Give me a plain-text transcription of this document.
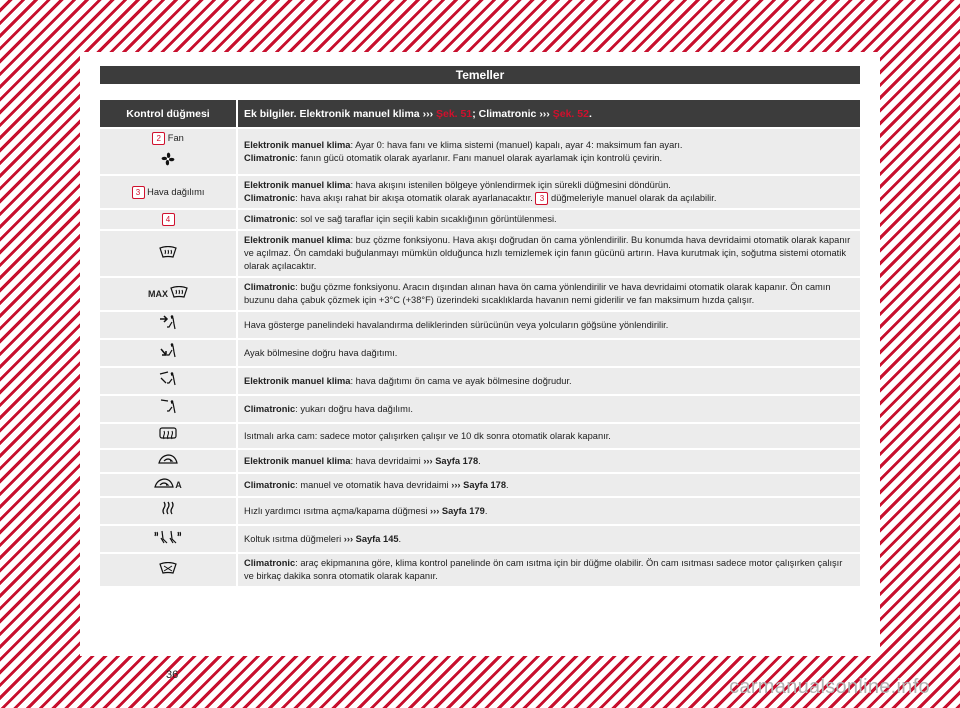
Temeller
Kontrol düğmesi	Ek bilgiler. Elektronik manuel klima ››› Şek. 51; Climatronic ››› Şek. 52.

2 Fan	Elektronik manuel klima: Ayar 0: hava fanı ve klima sistemi (manuel) kapalı, ayar 4: maksimum fan ayarı.
Climatronic: fanın gücü otomatik olarak ayarlanır. Fanı manuel olarak ayarlamak için kontrolü çevirin.

3 Hava dağılımı	Elektronik manuel klima: hava akışını istenilen bölgeye yönlendirmek için sürekli düğmesini döndürün.
Climatronic: hava akışı rahat bir akışa otomatik olarak ayarlanacaktır. 3 düğmeleriyle manuel olarak da açılabilir.

4	Climatronic: sol ve sağ taraflar için seçili kabin sıcaklığının görüntülenmesi.

Elektronik manuel klima: buz çözme fonksiyonu. Hava akışı doğrudan ön cama yönlendirilir. Bu konumda hava devridaimi otomatik olarak kapanır ve açılmaz. Ön camdaki buğulanmayı mümkün olduğunca hızlı temizlemek için fanın gücünü artırın. Hava kurutmak için, soğutma sistemi otomatik olarak açılacaktır.

MAX	Climatronic: buğu çözme fonksiyonu. Aracın dışından alınan hava ön cama yönlendirilir ve hava devridaimi otomatik olarak kapanır. Ön camın buzunu daha çabuk çözmek için +3°C (+38°F) üzerindeki sıcaklıklarda havanın nemi giderilir ve fan maksimum hızda çalışır.

Hava gösterge panelindeki havalandırma deliklerinden sürücünün veya yolcuların göğsüne yönlendirilir.

Ayak bölmesine doğru hava dağıtımı.

Elektronik manuel klima: hava dağıtımı ön cama ve ayak bölmesine doğrudur.

Climatronic: yukarı doğru hava dağılımı.

Isıtmalı arka cam: sadece motor çalışırken çalışır ve 10 dk sonra otomatik olarak kapanır.

Elektronik manuel klima: hava devridaimi ››› Sayfa 178.

A	Climatronic: manuel ve otomatik hava devridaimi ››› Sayfa 178.

Hızlı yardımcı ısıtma açma/kapama düğmesi ››› Sayfa 179.

Koltuk ısıtma düğmeleri ››› Sayfa 145.

Climatronic: araç ekipmanına göre, klima kontrol panelinde ön cam ısıtma için bir düğme olabilir. Ön cam ısıtması sadece motor çalışırken çalışır ve birkaç dakika sonra otomatik olarak kapanır.
36
carmanualsonline.info
